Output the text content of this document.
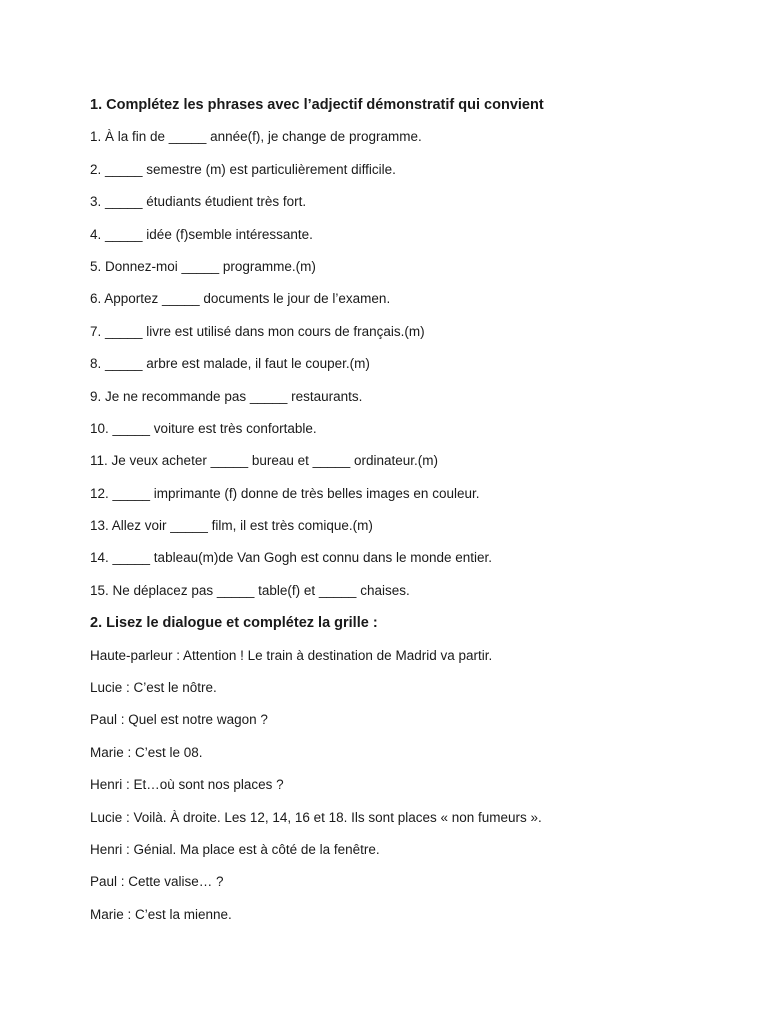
1. Complétez les phrases avec l’adjectif démonstratif qui convient
1. À la fin de _____ année(f), je change de programme.
2. _____ semestre (m) est particulièrement difficile.
3. _____ étudiants étudient très fort.
4. _____ idée (f)semble intéressante.
5. Donnez-moi _____ programme.(m)
6. Apportez _____ documents le jour de l’examen.
7. _____ livre est utilisé dans mon cours de français.(m)
8. _____ arbre est malade, il faut le couper.(m)
9. Je ne recommande pas _____ restaurants.
10. _____ voiture est très confortable.
11. Je veux acheter _____ bureau et _____ ordinateur.(m)
12. _____ imprimante (f) donne de très belles images en couleur.
13. Allez voir _____ film, il est très comique.(m)
14. _____ tableau(m)de Van Gogh est connu dans le monde entier.
15. Ne déplacez pas _____ table(f) et _____ chaises.
2. Lisez le dialogue et complétez la grille :
Haute-parleur : Attention ! Le train à destination de Madrid va partir.
Lucie : C’est le nôtre.
Paul : Quel est notre wagon ?
Marie : C’est le 08.
Henri : Et…où sont nos places ?
Lucie : Voilà. À droite. Les 12, 14, 16 et 18. Ils sont places « non fumeurs ».
Henri : Génial. Ma place est à côté de la fenêtre.
Paul : Cette valise… ?
Marie : C’est la mienne.
